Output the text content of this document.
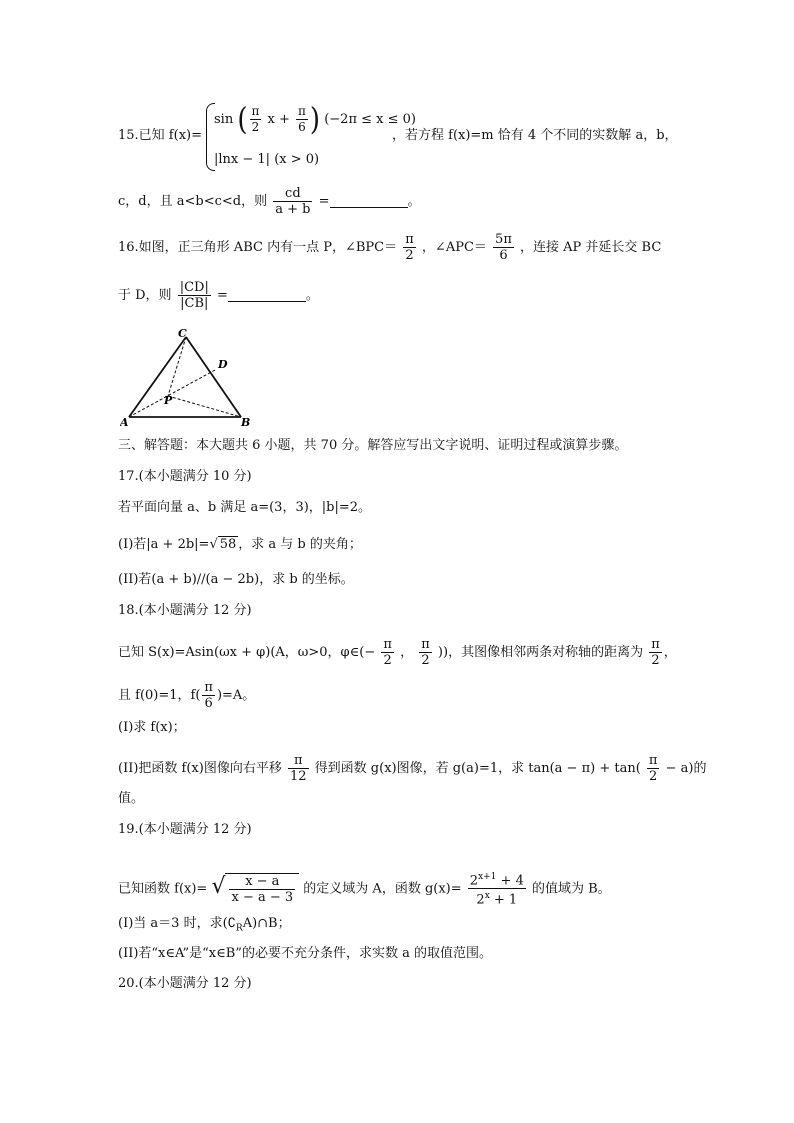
15.已知 f(x)=
sin ( $\frac{\pi}{2}$ $x + \frac{\pi}{6}$ ) (−2π ≤ x ≤ 0)
|lnx − 1| (x > 0)
，若方程 f(x)=m 恰有 4 个不同的实数解 a，b，
c，d，且 a<b<c<d，则 $\frac{cd}{a + b}$ =	。
16.如图，正三角形 ABC 内有一点 P，∠BPC＝ $\frac{\pi}{2}$ ，∠APC＝ $\frac{5\pi}{6}$ ，连接 AP 并延长交 BC
于 D，则 $\frac{|CD|}{|CB|}$ =	。
C
D
P
A	B
三、解答题：本大题共 6 小题，共 70 分。解答应写出文字说明、证明过程或演算步骤。
17.(本小题满分 10 分)
若平面向量 a、b 满足 a=(3，3)，|b|=2。
(I)若|a + 2b|=√ 58 ，求 a 与 b 的夹角；
(II)若(a + b)//(a − 2b)，求 b 的坐标。
18.(本小题满分 12 分)
已知 S(x)=Asin(ωx + φ)(A，ω>0，φ∈(− $\frac{\pi}{2}$ ， $\frac{\pi}{2}$ ))，其图像相邻两条对称轴的距离为 $\frac{\pi}{2}$ ，
且 f(0)=1，$f( \frac{\pi}{6} )=A$。
(I)求 f(x)；
(II)把函数 f(x)图像向右平移 $\frac{\pi}{12}$ 得到函数 g(x)图像，若 g(a)=1，求 $\tan(a - \pi) + \tan( \frac{\pi}{2} - a)$的
值。
19.(本小题满分 12 分)
已知函数 f(x)= √ $\frac{x - a}{x - a - 3}$ 的定义域为 A，函数 $g(x)= \frac{2^{x+1} + 4}{2^x + 1}$ 的值域为 B。
(I)当 a＝3 时，求$(∁_RA)\cap B$；
(II)若“x∈A”是“x∈B”的必要不充分条件，求实数 a 的取值范围。
20.(本小题满分 12 分)
